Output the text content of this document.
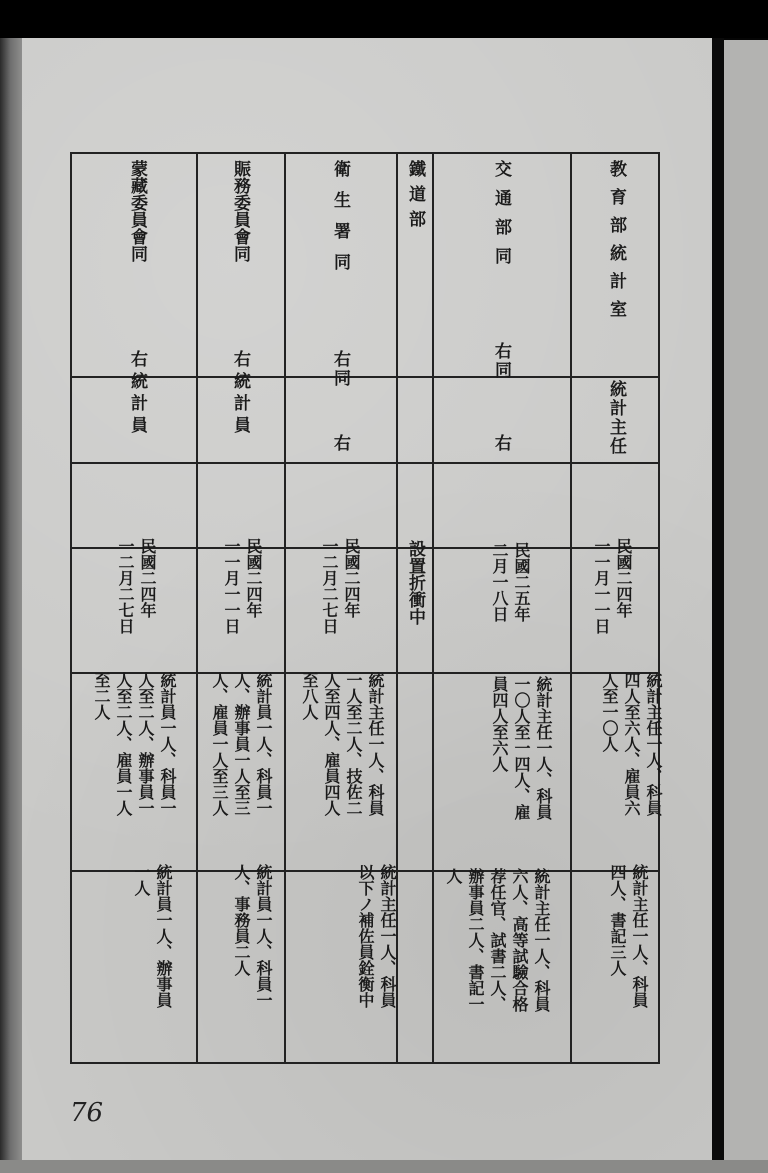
教育部統計室
統計主任
民國二四年
一一月一一日
統計主任一人、科員
四人至六人、雇員六
人至一〇人
統計主任一人、科員
四人、書記三人
交通部同
右同
右
民國二五年
二月一八日
統計主任一人、科員
一〇人至一四人、雇
員四人至六人
統計主任一人、科員
六人、高等試驗合格
荐任官、試書二人、
辦事員二人、書記一
人
鐵道部
設置折衝中
衛生署同
右同
右
民國二四年
一二月二七日
統計主任一人、科員
一人至二人、技佐二
人至四人、雇員四人
至八人
統計主任一人、科員
以下ノ補佐員銓衡中
賑務委員會同
右統計員
民國二四年
一一月一一日
統計員一人、科員一
人、辦事員一人至三
人、雇員一人至三人
統計員一人、科員一
人、事務員二人
蒙藏委員會同
右統計員
民國二四年
一二月二七日
統計員一人、科員一
人至二人、辦事員一
人至二人、雇員一人
至二人
統計員一人、辦事員
一人
76
